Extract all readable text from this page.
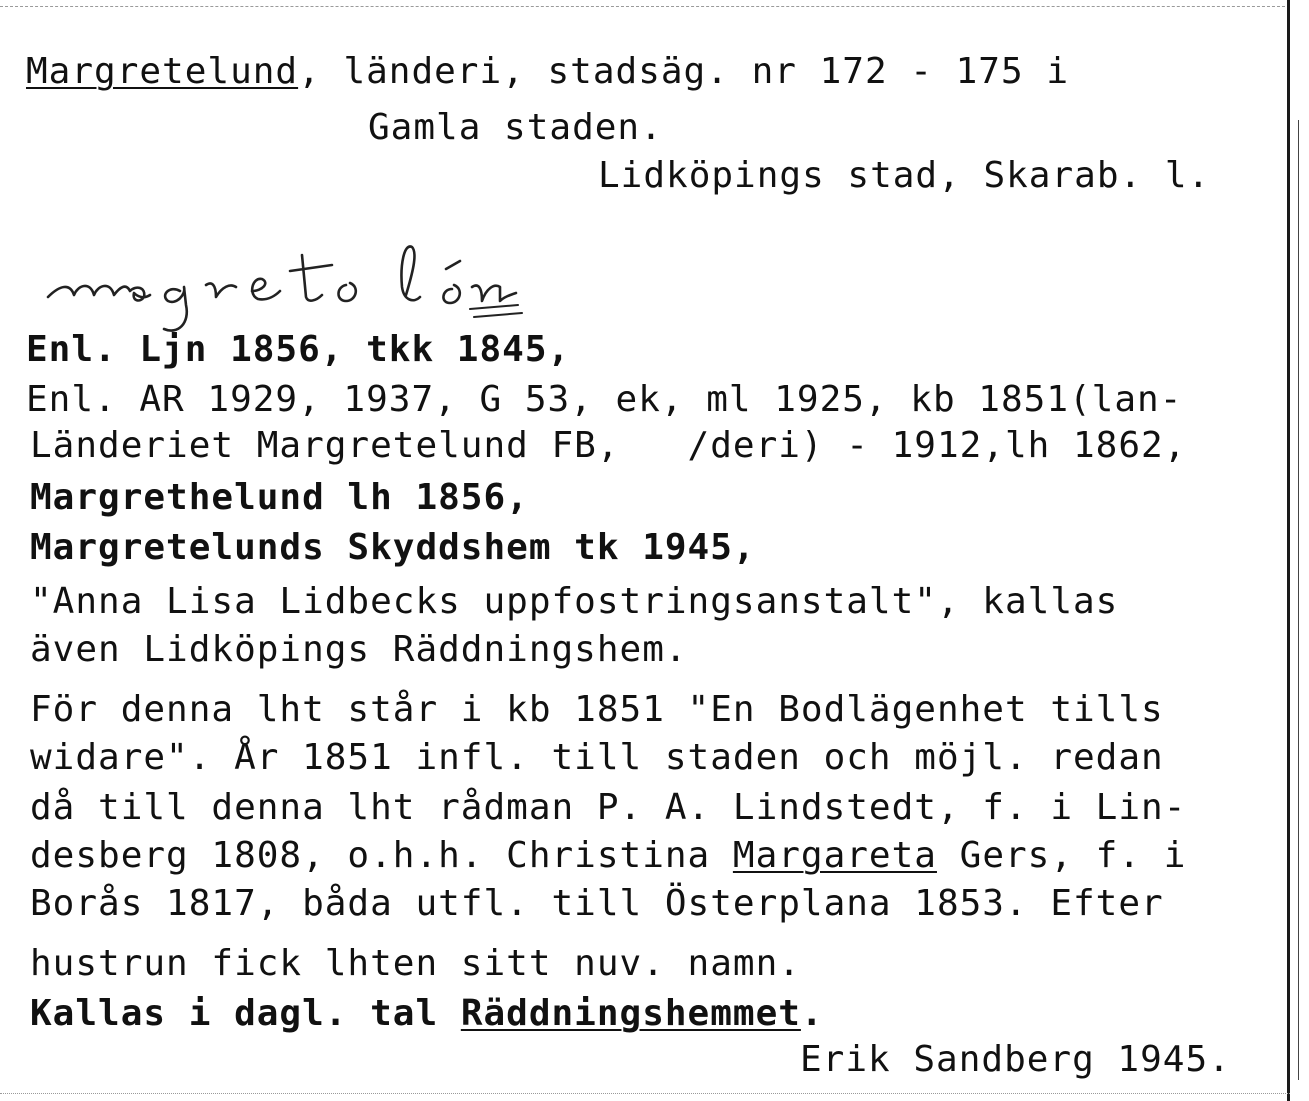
Margretelund, länderi, stadsäg. nr 172 - 175 i
Gamla staden.
Lidköpings stad, Skarab. l.
Enl. Ljn 1856, tkk 1845,
Enl. AR 1929, 1937, G 53, ek, ml 1925, kb 1851(lan-
Länderiet Margretelund FB,   /deri) - 1912,lh 1862,
Margrethelund lh 1856,
Margretelunds Skyddshem tk 1945,
"Anna Lisa Lidbecks uppfostringsanstalt", kallas
även Lidköpings Räddningshem.
För denna lht står i kb 1851 "En Bodlägenhet tills
widare". År 1851 infl. till staden och möjl. redan
då till denna lht rådman P. A. Lindstedt, f. i Lin-
desberg 1808, o.h.h. Christina Margareta Gers, f. i
Borås 1817, båda utfl. till Österplana 1853. Efter
hustrun fick lhten sitt nuv. namn.
Kallas i dagl. tal Räddningshemmet.
Erik Sandberg 1945.
